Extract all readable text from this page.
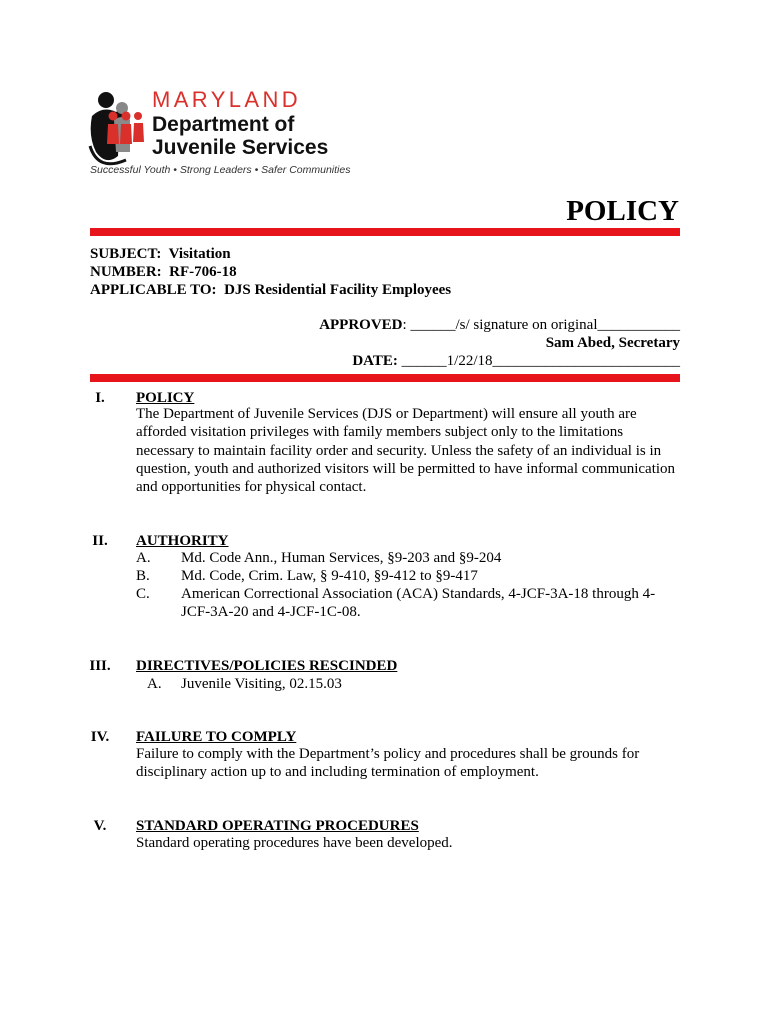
MARYLAND
Department of
Juvenile Services
Successful Youth • Strong Leaders • Safer Communities
POLICY
SUBJECT: Visitation
NUMBER: RF-706-18
APPLICABLE TO: DJS Residential Facility Employees
APPROVED: ______/s/ signature on original___________
Sam Abed, Secretary
DATE: ______1/22/18_________________________
I.	POLICY
The Department of Juvenile Services (DJS or Department) will ensure all youth are afforded visitation privileges with family members subject only to the limitations necessary to maintain facility order and security. Unless the safety of an individual is in question, youth and authorized visitors will be permitted to have informal communication and opportunities for physical contact.
II.	AUTHORITY
A. Md. Code Ann., Human Services, §9-203 and §9-204
B. Md. Code, Crim. Law, § 9-410, §9-412 to §9-417
C. American Correctional Association (ACA) Standards, 4-JCF-3A-18 through 4-JCF-3A-20 and 4-JCF-1C-08.
III.	DIRECTIVES/POLICIES RESCINDED
A. Juvenile Visiting, 02.15.03
IV.	FAILURE TO COMPLY
Failure to comply with the Department’s policy and procedures shall be grounds for disciplinary action up to and including termination of employment.
V.	STANDARD OPERATING PROCEDURES
Standard operating procedures have been developed.
